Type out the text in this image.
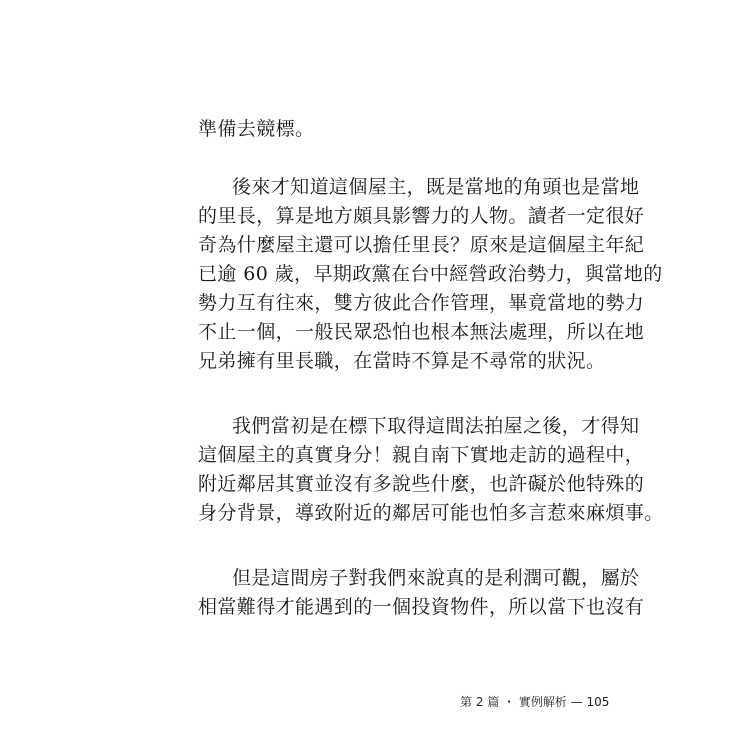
準備去競標。
後來才知道這個屋主，既是當地的角頭也是當地
的里長，算是地方頗具影響力的人物。讀者一定很好
奇為什麼屋主還可以擔任里長？原來是這個屋主年紀
已逾 60 歲，早期政黨在台中經營政治勢力，與當地的
勢力互有往來，雙方彼此合作管理，畢竟當地的勢力
不止一個，一般民眾恐怕也根本無法處理，所以在地
兄弟擁有里長職，在當時不算是不尋常的狀況。
我們當初是在標下取得這間法拍屋之後，才得知
這個屋主的真實身分！親自南下實地走訪的過程中，
附近鄰居其實並沒有多說些什麼，也許礙於他特殊的
身分背景，導致附近的鄰居可能也怕多言惹來麻煩事。
但是這間房子對我們來說真的是利潤可觀，屬於
相當難得才能遇到的一個投資物件，所以當下也沒有
第 2 篇 ・ 實例解析 — 105
